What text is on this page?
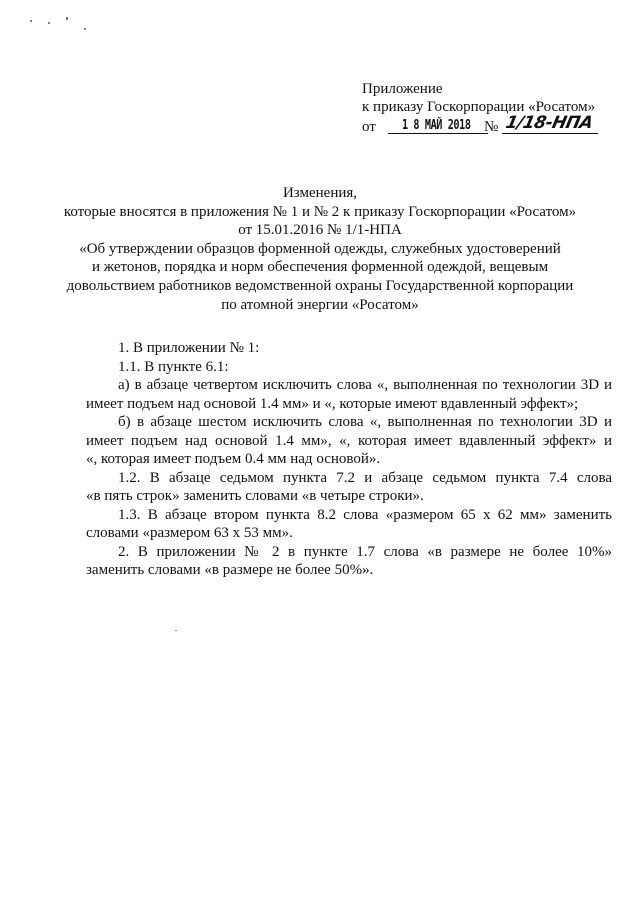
Приложение
к приказу Госкорпорации «Росатом»
от 1 8 МАЙ 2018 № 1/18-НПА
Изменения,
которые вносятся в приложения № 1 и № 2 к приказу Госкорпорации «Росатом»
от 15.01.2016 № 1/1-НПА
«Об утверждении образцов форменной одежды, служебных удостоверений
и жетонов, порядка и норм обеспечения форменной одеждой, вещевым
довольствием работников ведомственной охраны Государственной корпорации
по атомной энергии «Росатом»
1. В приложении № 1:
1.1. В пункте 6.1:
а) в абзаце четвертом исключить слова «, выполненная по технологии 3D и
имеет подъем над основой 1.4 мм» и «, которые имеют вдавленный эффект»;
б) в абзаце шестом исключить слова «, выполненная по технологии 3D и
имеет подъем над основой 1.4 мм», «, которая имеет вдавленный эффект» и
«, которая имеет подъем 0.4 мм над основой».
1.2. В абзаце седьмом пункта 7.2 и абзаце седьмом пункта 7.4 слова
«в пять строк» заменить словами «в четыре строки».
1.3. В абзаце втором пункта 8.2 слова «размером 65 х 62 мм» заменить
словами «размером 63 х 53 мм».
2. В приложении № 2 в пункте 1.7 слова «в размере не более 10%»
заменить словами «в размере не более 50%».
